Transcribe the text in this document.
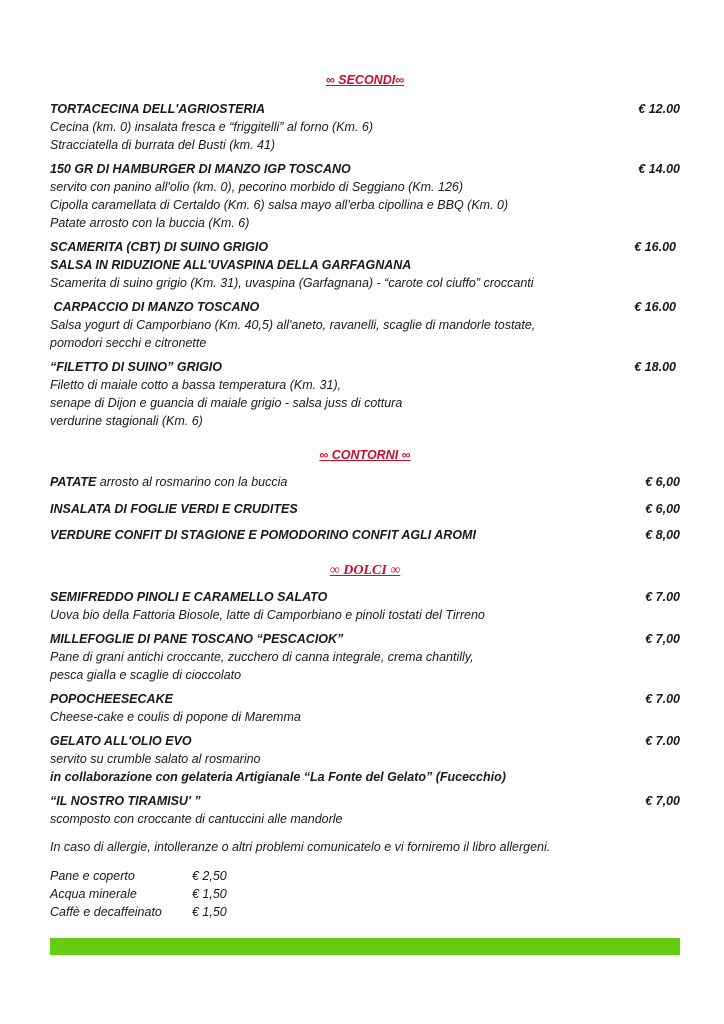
∞ SECONDI∞
TORTACECINA DELL'AGRIOSTERIA	€ 12.00
Cecina (km. 0) insalata fresca e “friggitelli” al forno (Km. 6)
Stracciatella di burrata del Busti (km. 41)
150 GR DI HAMBURGER DI MANZO IGP TOSCANO	€ 14.00
servito con panino all'olio (km. 0), pecorino morbido di Seggiano (Km. 126)
Cipolla caramellata di Certaldo (Km. 6) salsa mayo all'erba cipollina e BBQ (Km. 0)
Patate arrosto con la buccia (Km. 6)
SCAMERITA (CBT) DI SUINO GRIGIO	€ 16.00
SALSA IN RIDUZIONE ALL'UVASPINA DELLA GARFAGNANA
Scamerita di suino grigio (Km. 31), uvaspina (Garfagnana) - “carote col ciuffo” croccanti
CARPACCIO DI MANZO TOSCANO	€ 16.00
Salsa yogurt di Camporbiano (Km. 40,5) all'aneto, ravanelli, scaglie di mandorle tostate,
pomodori secchi e citronette
“FILETTO DI SUINO” GRIGIO	€ 18.00
Filetto di maiale cotto a bassa temperatura (Km. 31),
senape di Dijon e guancia di maiale grigio - salsa juss di cottura
verdurine stagionali (Km. 6)
∞ CONTORNI ∞
PATATE arrosto al rosmarino con la buccia	€ 6,00
INSALATA DI FOGLIE VERDI E CRUDITES	€ 6,00
VERDURE CONFIT DI STAGIONE E POMODORINO CONFIT AGLI AROMI	€ 8,00
∞ DOLCI ∞
SEMIFREDDO PINOLI E CARAMELLO SALATO	€ 7.00
Uova bio della Fattoria Biosole, latte di Camporbiano e pinoli tostati del Tirreno
MILLEFOGLIE DI PANE TOSCANO “PESCACIOK”	€ 7,00
Pane di grani antichi croccante, zucchero di canna integrale, crema chantilly,
pesca gialla e scaglie di cioccolato
POPOCHEESECAKE	€ 7.00
Cheese-cake e coulis di popone di Maremma
GELATO ALL'OLIO EVO	€ 7.00
servito su crumble salato al rosmarino
in collaborazione con gelateria Artigianale “La Fonte del Gelato” (Fucecchio)
“IL NOSTRO TIRAMISU' ”	€ 7,00
scomposto con croccante di cantuccini alle mandorle
In caso di allergie, intolleranze o altri problemi comunicatelo e vi forniremo il libro allergeni.
Pane e coperto	€ 2,50
Acqua minerale	€ 1,50
Caffè e decaffeinato	€ 1,50
